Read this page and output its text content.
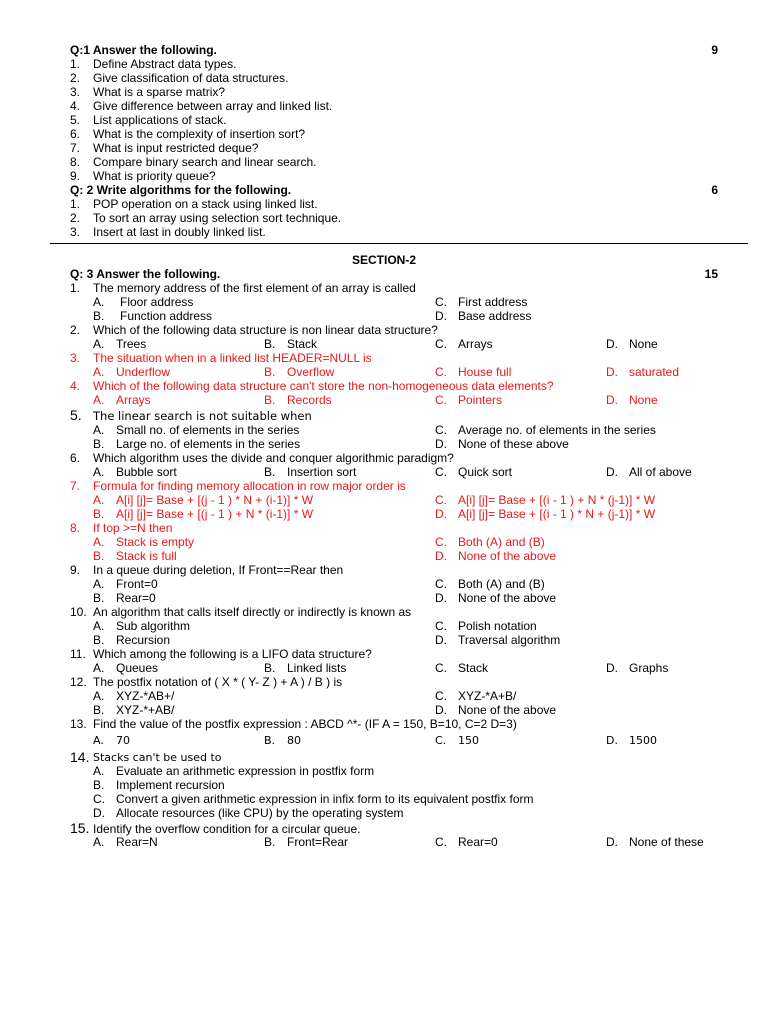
Q:1 Answer the following.	9
1. Define Abstract data types.
2. Give classification of data structures.
3. What is a sparse matrix?
4. Give difference between array and linked list.
5. List applications of stack.
6. What is the complexity of insertion sort?
7. What is input restricted deque?
8. Compare binary search and linear search.
9. What is priority queue?
Q: 2 Write algorithms for the following.	6
1. POP operation on a stack using linked list.
2. To sort an array using selection sort technique.
3. Insert at last in doubly linked list.
SECTION-2
Q: 3 Answer the following.	15
1. The memory address of the first element of an array is called
A. Floor address	C. First address
B. Function address	D. Base address
2. Which of the following data structure is non linear data structure?
A. Trees	B. Stack	C. Arrays	D. None
3. The situation when in a linked list HEADER=NULL is
A. Underflow	B. Overflow	C. House full	D. saturated
4. Which of the following data structure can't store the non-homogeneous data elements?
A. Arrays	B. Records	C. Pointers	D. None
5. The linear search is not suitable when
A. Small no. of elements in the series	C. Average no. of elements in the series
B. Large no. of elements in the series	D. None of these above
6. Which algorithm uses the divide and conquer algorithmic paradigm?
A. Bubble sort	B. Insertion sort	C. Quick sort	D. All of above
7. Formula for finding memory allocation in row major order is
A. A[i] [j]= Base + [(j - 1 ) * N + (i-1)] * W	C. A[i] [j]= Base + [(i - 1 ) + N * (j-1)] * W
B. A[i] [j]= Base + [(j - 1 ) + N * (i-1)] * W	D. A[i] [j]= Base + [(i - 1 ) * N + (j-1)] * W
8. If top >=N then
A. Stack is empty	C. Both (A) and (B)
B. Stack is full	D. None of the above
9. In a queue during deletion, If Front==Rear then
A. Front=0	C. Both (A) and (B)
B. Rear=0	D. None of the above
10. An algorithm that calls itself directly or indirectly is known as
A. Sub algorithm	C. Polish notation
B. Recursion	D. Traversal algorithm
11. Which among the following is a LIFO data structure?
A. Queues	B. Linked lists	C. Stack	D. Graphs
12. The postfix notation of ( X * ( Y- Z ) + A ) / B ) is
A. XYZ-*AB+/	C. XYZ-*A+B/
B. XYZ-*+AB/	D. None of the above
13. Find the value of the postfix expression : ABCD ^*- (IF A = 150, B=10, C=2 D=3)
A. 70	B. 80	C. 150	D. 1500
14. Stacks can't be used to
A. Evaluate an arithmetic expression in postfix form
B. Implement recursion
C. Convert a given arithmetic expression in infix form to its equivalent postfix form
D. Allocate resources (like CPU) by the operating system
15. Identify the overflow condition for a circular queue.
A. Rear=N	B. Front=Rear	C. Rear=0	D. None of these
